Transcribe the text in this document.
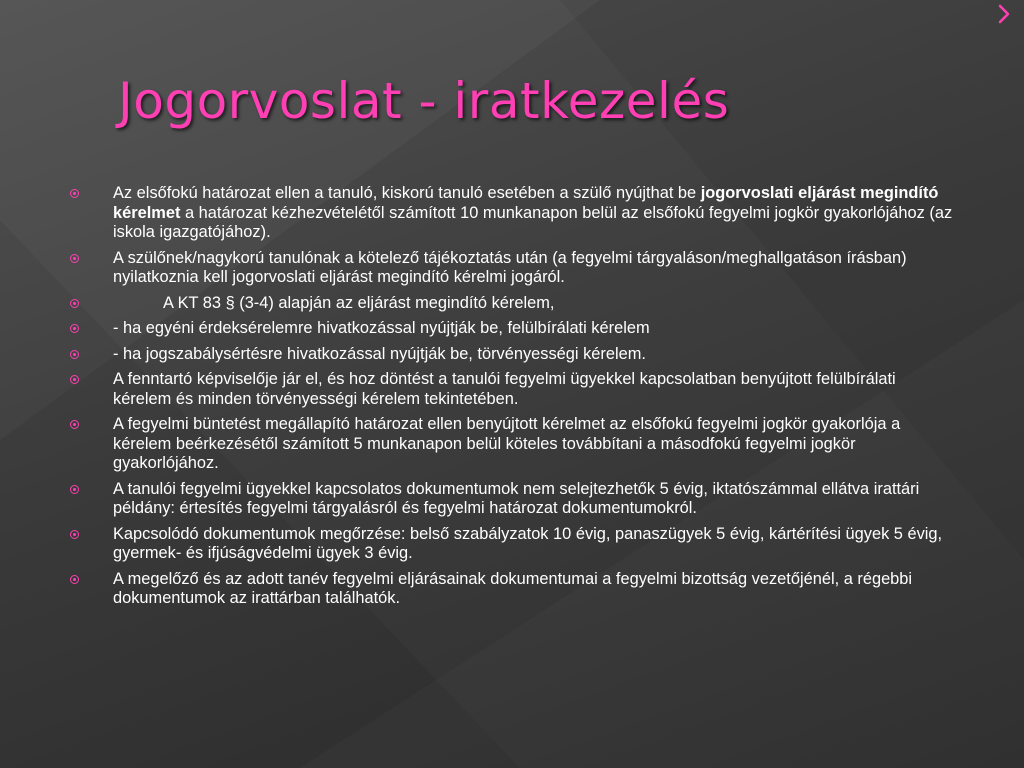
Jogorvoslat - iratkezelés
Az elsőfokú határozat ellen a tanuló, kiskorú tanuló esetében a szülő nyújthat be jogorvoslati eljárást megindító kérelmet a határozat kézhezvételétől számított 10 munkanapon belül az elsőfokú fegyelmi jogkör gyakorlójához (az iskola igazgatójához).
A szülőnek/nagykorú tanulónak a kötelező tájékoztatás után (a fegyelmi tárgyaláson/meghallgatáson írásban) nyilatkoznia kell jogorvoslati eljárást megindító kérelmi jogáról.
A KT 83 § (3-4) alapján az eljárást megindító kérelem,
- ha egyéni érdeksérelemre hivatkozással nyújtják be, felülbírálati kérelem
- ha jogszabálysértésre hivatkozással nyújtják be, törvényességi kérelem.
A fenntartó képviselője jár el, és hoz döntést a tanulói fegyelmi ügyekkel kapcsolatban benyújtott felülbírálati kérelem és minden törvényességi kérelem tekintetében.
A fegyelmi büntetést megállapító határozat ellen benyújtott kérelmet az elsőfokú fegyelmi jogkör gyakorlója a kérelem beérkezésétől számított 5 munkanapon belül köteles továbbítani a másodfokú fegyelmi jogkör gyakorlójához.
A tanulói fegyelmi ügyekkel kapcsolatos dokumentumok nem selejtezhetők 5 évig, iktatószámmal ellátva irattári példány: értesítés fegyelmi tárgyalásról és fegyelmi határozat dokumentumokról.
Kapcsolódó dokumentumok megőrzése: belső szabályzatok 10 évig, panaszügyek 5 évig, kártérítési ügyek 5 évig, gyermek- és ifjúságvédelmi ügyek 3 évig.
A megelőző és az adott tanév fegyelmi eljárásainak dokumentumai a fegyelmi bizottság vezetőjénél, a régebbi dokumentumok az irattárban találhatók.
